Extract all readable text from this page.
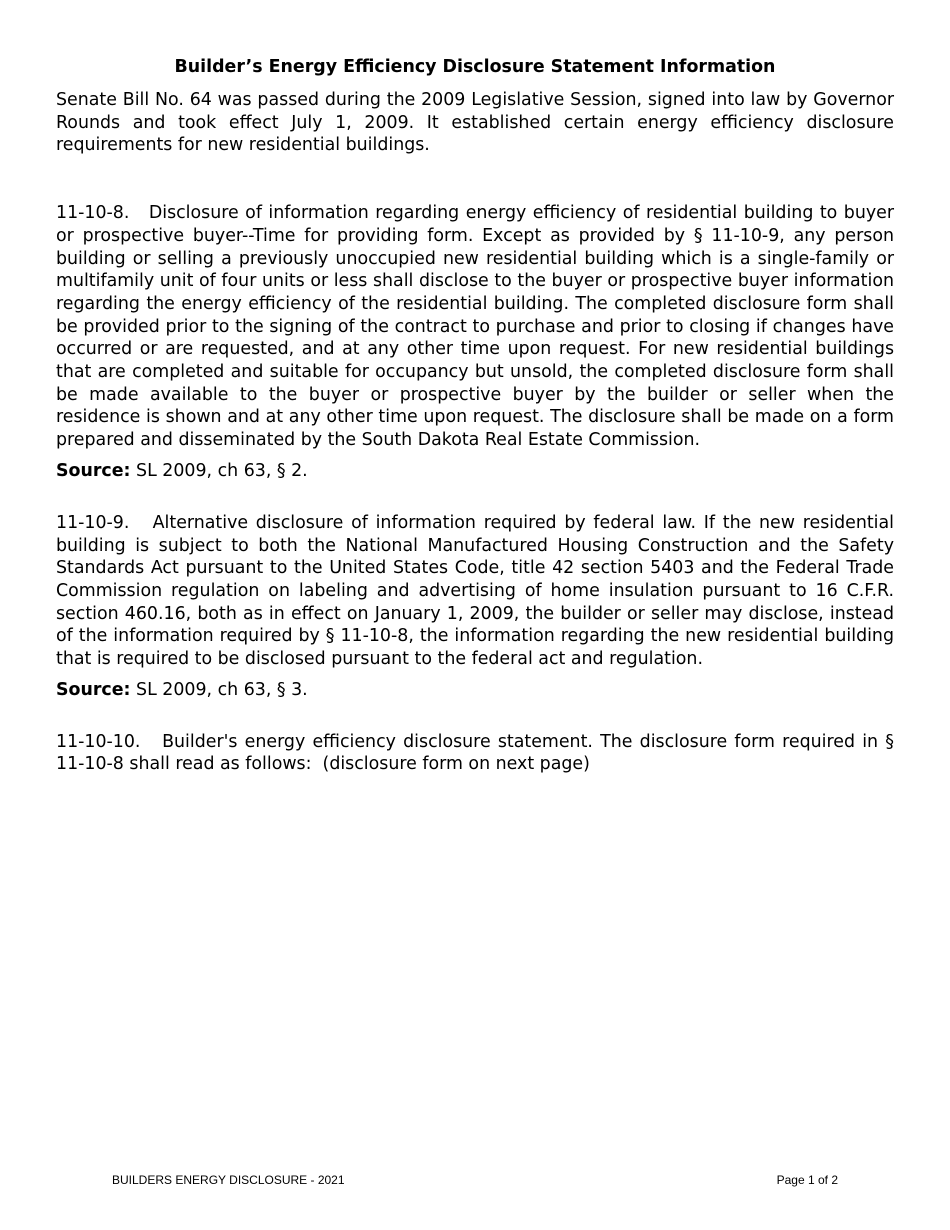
Builder’s Energy Efficiency Disclosure Statement Information

Senate Bill No. 64 was passed during the 2009 Legislative Session, signed into law by Governor Rounds and took effect July 1, 2009. It established certain energy efficiency disclosure requirements for new residential buildings.

11-10-8.   Disclosure of information regarding energy efficiency of residential building to buyer or prospective buyer--Time for providing form. Except as provided by § 11-10-9, any person building or selling a previously unoccupied new residential building which is a single-family or multifamily unit of four units or less shall disclose to the buyer or prospective buyer information regarding the energy efficiency of the residential building. The completed disclosure form shall be provided prior to the signing of the contract to purchase and prior to closing if changes have occurred or are requested, and at any other time upon request. For new residential buildings that are completed and suitable for occupancy but unsold, the completed disclosure form shall be made available to the buyer or prospective buyer by the builder or seller when the residence is shown and at any other time upon request. The disclosure shall be made on a form prepared and disseminated by the South Dakota Real Estate Commission.

Source: SL 2009, ch 63, § 2.

11-10-9.   Alternative disclosure of information required by federal law. If the new residential building is subject to both the National Manufactured Housing Construction and the Safety Standards Act pursuant to the United States Code, title 42 section 5403 and the Federal Trade Commission regulation on labeling and advertising of home insulation pursuant to 16 C.F.R. section 460.16, both as in effect on January 1, 2009, the builder or seller may disclose, instead of the information required by § 11-10-8, the information regarding the new residential building that is required to be disclosed pursuant to the federal act and regulation.

Source: SL 2009, ch 63, § 3.

11-10-10.   Builder's energy efficiency disclosure statement. The disclosure form required in § 11-10-8 shall read as follows:  (disclosure form on next page)

BUILDERS ENERGY DISCLOSURE - 2021	Page 1 of 2
